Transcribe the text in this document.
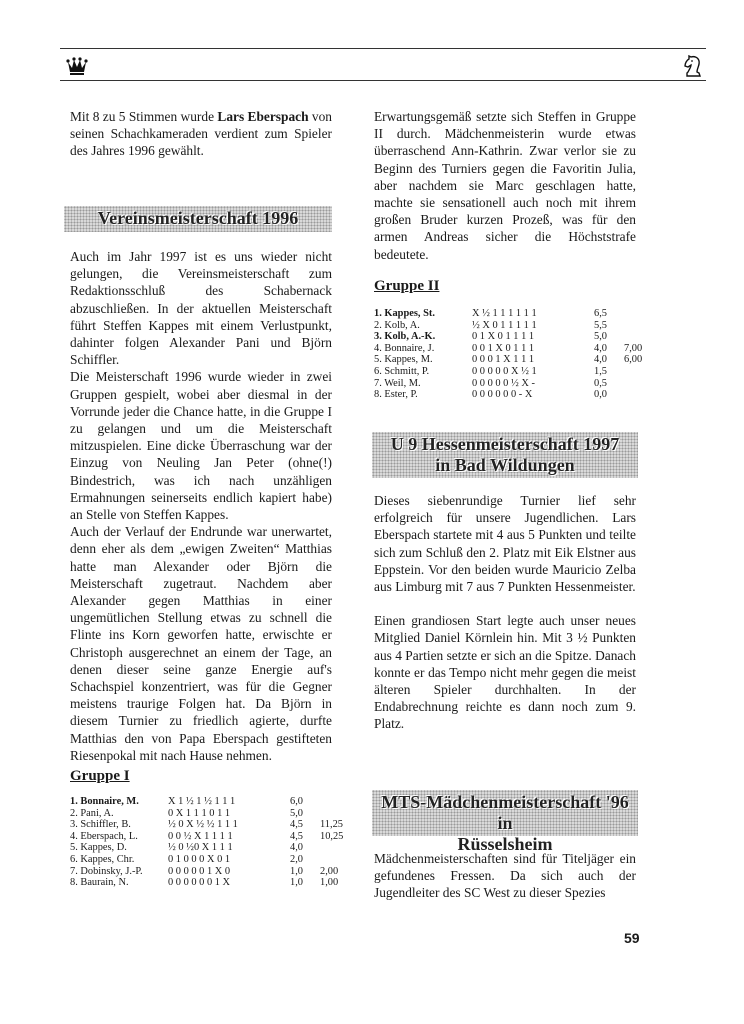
Mit 8 zu 5 Stimmen wurde Lars Eberspach von seinen Schachkameraden verdient zum Spieler des Jahres 1996 gewählt.

Vereinsmeisterschaft 1996

Auch im Jahr 1997 ist es uns wieder nicht gelungen, die Vereinsmeisterschaft zum Redaktionsschluß des Schabernack abzuschließen. In der aktuellen Meisterschaft führt Steffen Kappes mit einem Verlustpunkt, dahinter folgen Alexander Pani und Björn Schiffler.

Die Meisterschaft 1996 wurde wieder in zwei Gruppen gespielt, wobei aber diesmal in der Vorrunde jeder die Chance hatte, in die Gruppe I zu gelangen und um die Meisterschaft mitzuspielen. Eine dicke Überraschung war der Einzug von Neuling Jan Peter (ohne(!) Bindestrich, was ich nach unzähligen Ermahnungen seinerseits endlich kapiert habe) an Stelle von Steffen Kappes.

Auch der Verlauf der Endrunde war unerwartet, denn eher als dem „ewigen Zweiten“ Matthias hatte man Alexander oder Björn die Meisterschaft zugetraut. Nachdem aber Alexander gegen Matthias in einer ungemütlichen Stellung etwas zu schnell die Flinte ins Korn geworfen hatte, erwischte er Christoph ausgerechnet an einem der Tage, an denen dieser seine ganze Energie auf's Schachspiel konzentriert, was für die Gegner meistens traurige Folgen hat. Da Björn in diesem Turnier zu friedlich agierte, durfte Matthias den von Papa Eberspach gestifteten Riesenpokal mit nach Hause nehmen.

Gruppe I
1. Bonnaire, M.	X 1 ½ 1 ½ 1 1 1	6,0	
2. Pani, A.	0 X 1 1 1 0 1 1	5,0	
3. Schiffler, B.	½ 0 X ½ ½ 1 1 1	4,5	11,25
4. Eberspach, L.	0 0 ½ X 1 1 1 1	4,5	10,25
5. Kappes, D.	½ 0 ½0 X 1 1 1	4,0	
6. Kappes, Chr.	0 1 0 0 0 X 0 1	2,0	
7. Dobinsky, J.-P.	0 0 0 0 0 1 X 0	1,0	2,00
8. Baurain, N.	0 0 0 0 0 0 1 X	1,0	1,00

Erwartungsgemäß setzte sich Steffen in Gruppe II durch. Mädchenmeisterin wurde etwas überraschend Ann-Kathrin. Zwar verlor sie zu Beginn des Turniers gegen die Favoritin Julia, aber nachdem sie Marc geschlagen hatte, machte sie sensationell auch noch mit ihrem großen Bruder kurzen Prozeß, was für den armen Andreas sicher die Höchststrafe bedeutete.

Gruppe II
1. Kappes, St.	X ½ 1 1 1 1 1 1	6,5	
2. Kolb, A.	½ X 0 1 1 1 1 1	5,5	
3. Kolb, A.-K.	0 1 X 0 1 1 1 1	5,0	
4. Bonnaire, J.	0 0 1 X 0 1 1 1	4,0	7,00
5. Kappes, M.	0 0 0 1 X 1 1 1	4,0	6,00
6. Schmitt, P.	0 0 0 0 0 X ½ 1	1,5	
7. Weil, M.	0 0 0 0 0 ½ X -	0,5	
8. Ester, P.	0 0 0 0 0 0 - X	0,0	
U 9 Hessenmeisterschaft 1997
in Bad Wildungen

Dieses siebenrundige Turnier lief sehr erfolgreich für unsere Jugendlichen. Lars Eberspach startete mit 4 aus 5 Punkten und teilte sich zum Schluß den 2. Platz mit Eik Elstner aus Eppstein. Vor den beiden wurde Mauricio Zelba aus Limburg mit 7 aus 7 Punkten Hessenmeister.

Einen grandiosen Start legte auch unser neues Mitglied Daniel Körnlein hin. Mit 3 ½ Punkten aus 4 Partien setzte er sich an die Spitze. Danach konnte er das Tempo nicht mehr gegen die meist älteren Spieler durchhalten. In der Endabrechnung reichte es dann noch zum 9. Platz.

MTS-Mädchenmeisterschaft '96 in
Rüsselsheim

Mädchenmeisterschaften sind für Titeljäger ein gefundenes Fressen. Da sich auch der Jugendleiter des SC West zu dieser Spezies

59
